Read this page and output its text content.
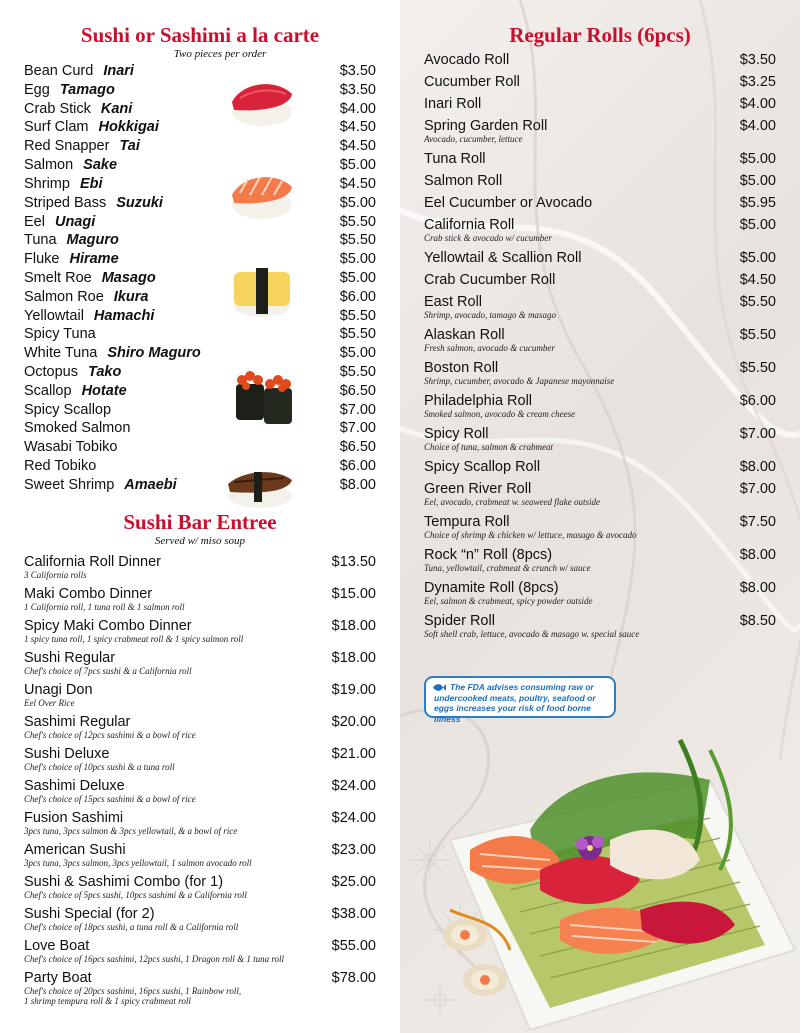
Sushi or Sashimi a la carte

Two pieces per order

Bean Curd Inari	$3.50
Egg Tamago	$3.50
Crab Stick Kani	$4.00
Surf Clam Hokkigai	$4.50
Red Snapper Tai	$4.50
Salmon Sake	$5.00
Shrimp Ebi	$4.50
Striped Bass Suzuki	$5.00
Eel Unagi	$5.50
Tuna Maguro	$5.50
Fluke Hirame	$5.00
Smelt Roe Masago	$5.00
Salmon Roe Ikura	$6.00
Yellowtail Hamachi	$5.50
Spicy Tuna	$5.50
White Tuna Shiro Maguro	$5.00
Octopus Tako	$5.50
Scallop Hotate	$6.50
Spicy Scallop	$7.00
Smoked Salmon	$7.00
Wasabi Tobiko	$6.50
Red Tobiko	$6.00
Sweet Shrimp Amaebi	$8.00
Sushi Bar Entree

Served w/ miso soup

California Roll Dinner	$13.50
3 California rolls
Maki Combo Dinner	$15.00
1 California roll, 1 tuna roll & 1 salmon roll
Spicy Maki Combo Dinner	$18.00
1 spicy tuna roll, 1 spicy crabmeat roll & 1 spicy salmon roll
Sushi Regular	$18.00
Chef's choice of 7pcs sushi & a California roll
Unagi Don	$19.00
Eel Over Rice
Sashimi Regular	$20.00
Chef's choice of 12pcs sashimi & a bowl of rice
Sushi Deluxe	$21.00
Chef's choice of 10pcs sushi & a tuna roll
Sashimi Deluxe	$24.00
Chef's choice of 15pcs sashimi & a bowl of rice
Fusion Sashimi	$24.00
3pcs tuna, 3pcs salmon & 3pcs yellowtail, & a bowl of rice
American Sushi	$23.00
3pcs tuna, 3pcs salmon, 3pcs yellowtail, 1 salmon avocado roll
Sushi & Sashimi Combo (for 1)	$25.00
Chef's choice of 5pcs sushi, 10pcs sashimi & a California roll
Sushi Special (for 2)	$38.00
Chef's choice of 18pcs sushi, a tuna roll & a California roll
Love Boat	$55.00
Chef's choice of 16pcs sashimi, 12pcs sushi, 1 Dragon roll & 1 tuna roll
Party Boat	$78.00
Chef's choice of 20pcs sashimi, 16pcs sushi, 1 Rainbow roll,
1 shrimp tempura roll & 1 spicy crabmeat roll
Regular Rolls (6pcs)
Avocado Roll	$3.50
Cucumber Roll	$3.25
Inari Roll	$4.00
Spring Garden Roll	$4.00
Avocado, cucumber, lettuce
Tuna Roll	$5.00
Salmon Roll	$5.00
Eel Cucumber or Avocado	$5.95
California Roll	$5.00
Crab stick & avocado w/ cucumber
Yellowtail & Scallion Roll	$5.00
Crab Cucumber Roll	$4.50
East Roll	$5.50
Shrimp, avocado, tamago & masago
Alaskan Roll	$5.50
Fresh salmon, avocado & cucumber
Boston Roll	$5.50
Shrimp, cucumber, avocado & Japanese mayonnaise
Philadelphia Roll	$6.00
Smoked salmon, avocado & cream cheese
Spicy Roll	$7.00
Choice of tuna, salmon & crabmeat
Spicy Scallop Roll	$8.00
Green River Roll	$7.00
Eel, avocado, crabmeat w. seaweed flake outside
Tempura Roll	$7.50
Choice of shrimp & chicken w/ lettuce, masago & avocado
Rock “n” Roll (8pcs)	$8.00
Tuna, yellowtail, crabmeat & crunch w/ sauce
Dynamite Roll (8pcs)	$8.00
Eel, salmon & crabmeat, spicy powder outside
Spider Roll	$8.50
Soft shell crab, lettuce, avocado & masago w. special sauce
The FDA advises consuming raw or undercooked meats, poultry, seafood or eggs increases your risk of food borne illness
